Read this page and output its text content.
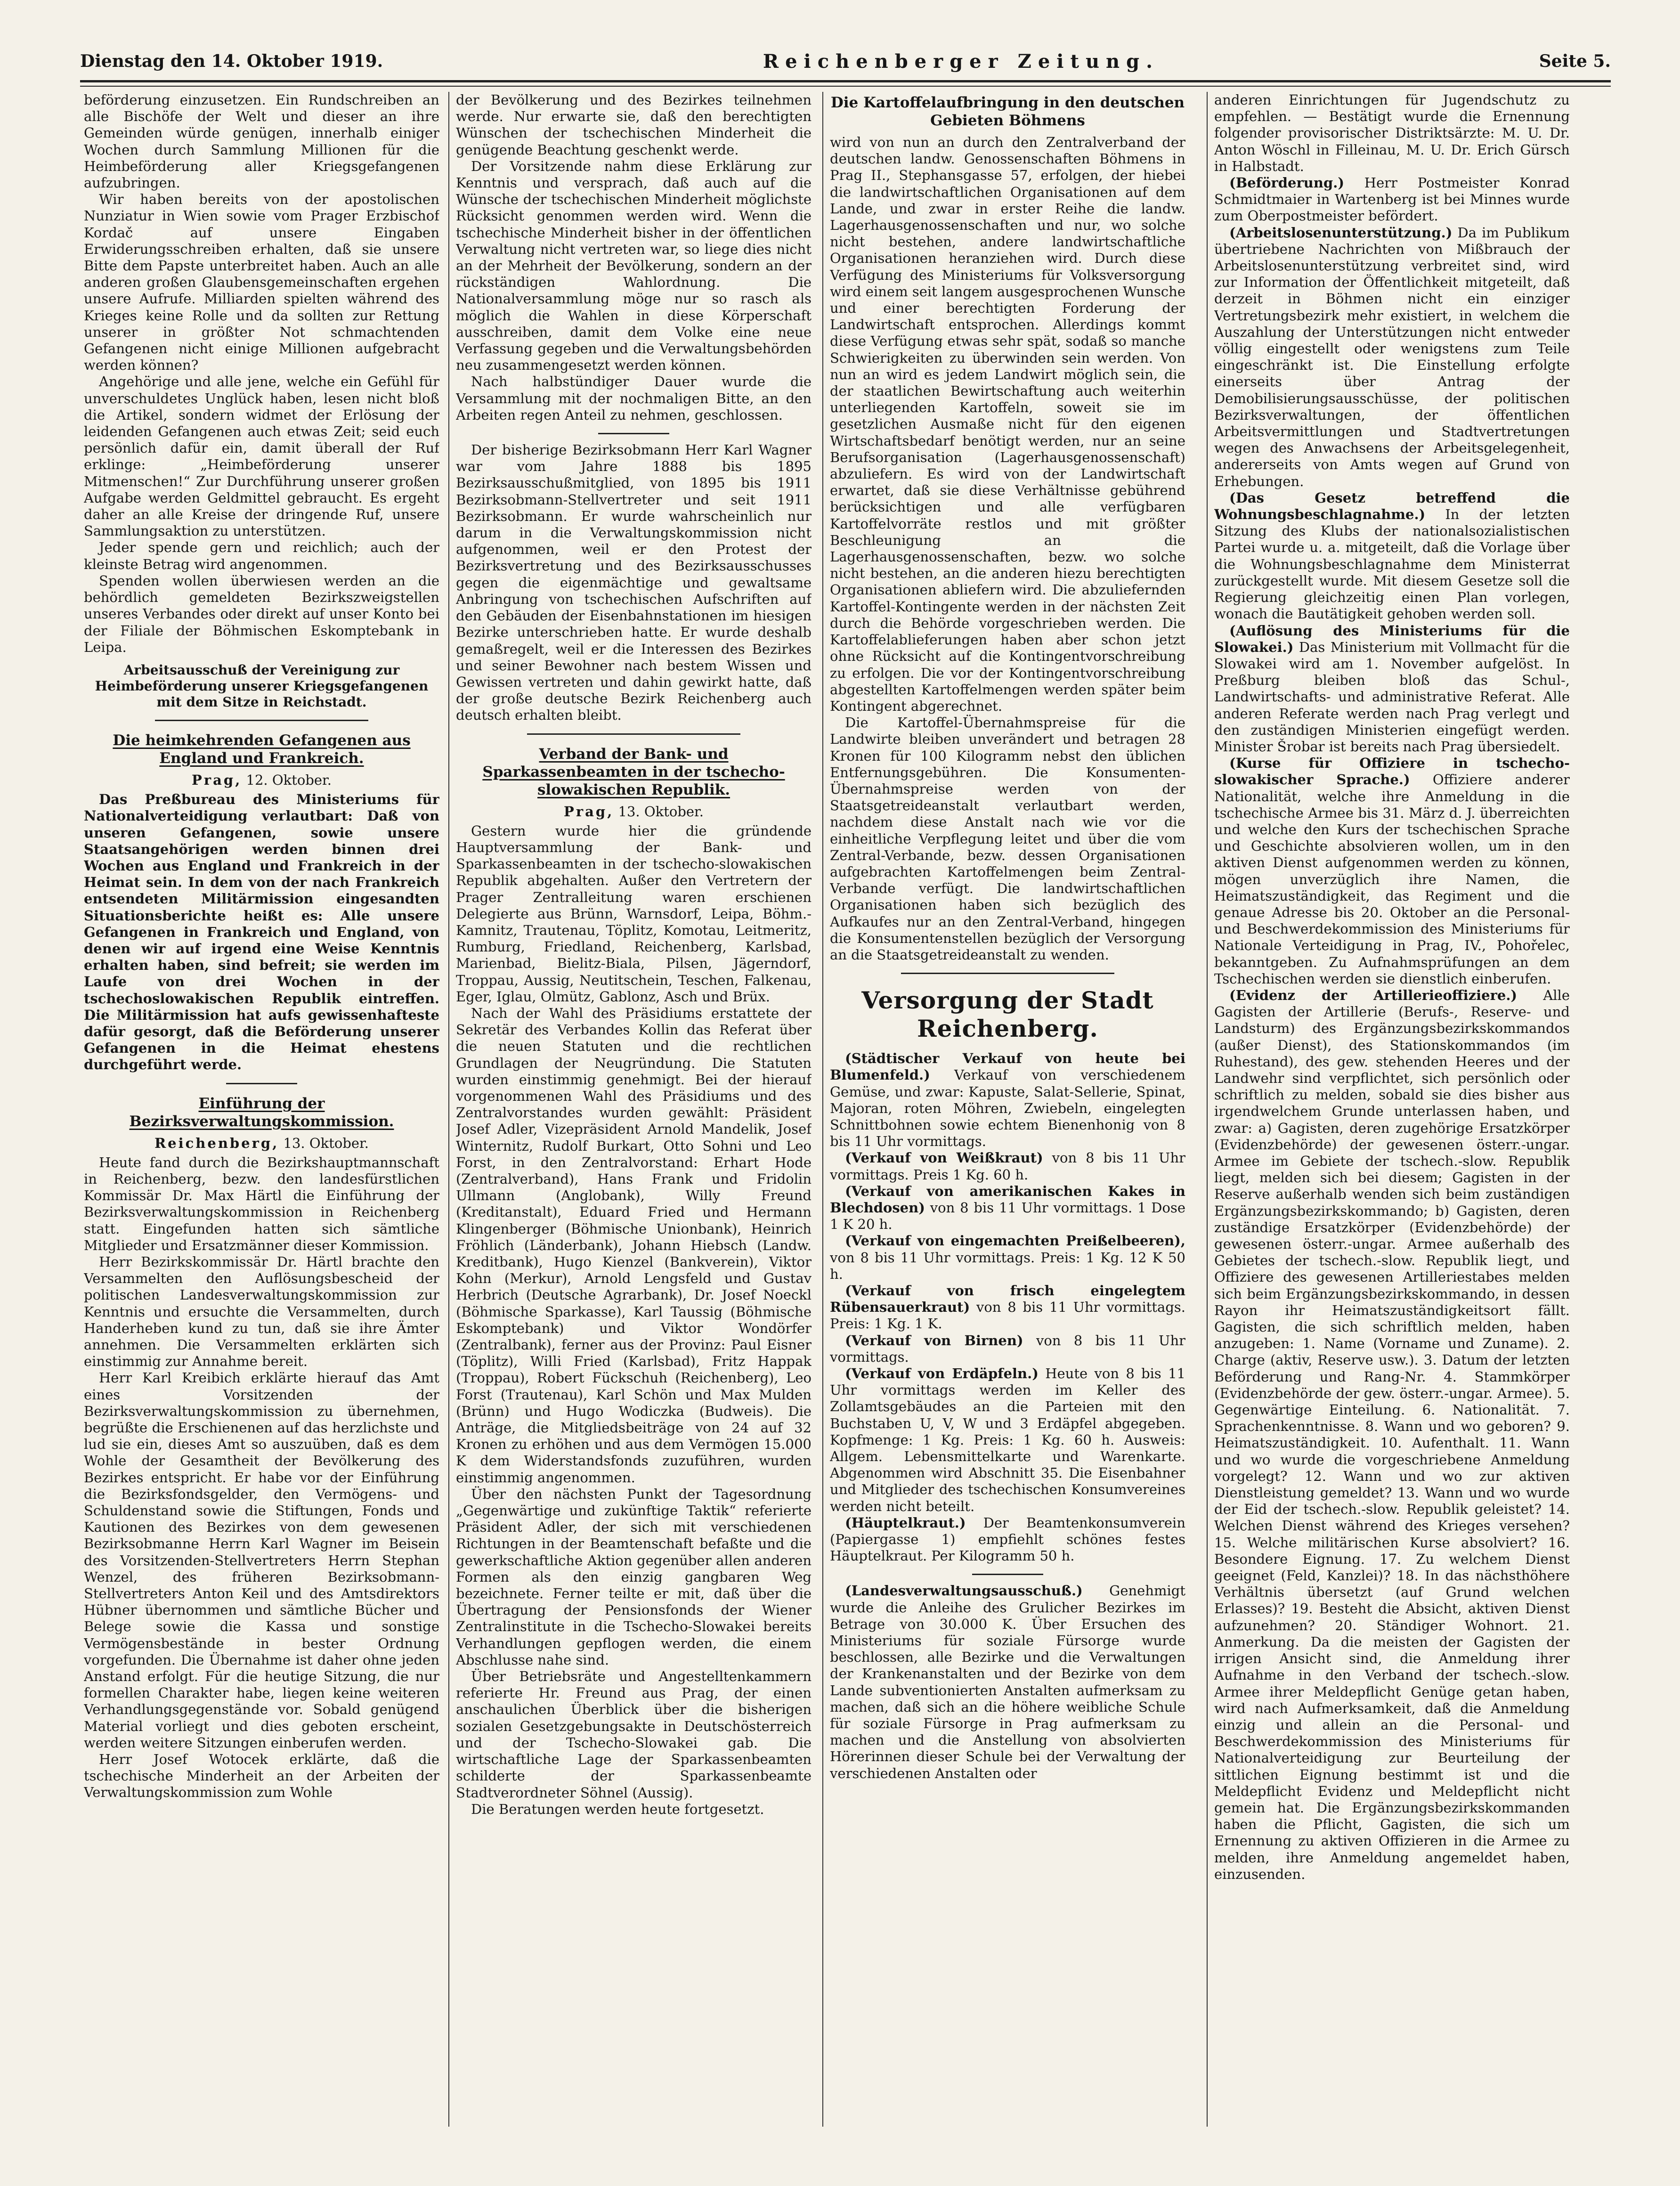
Dienstag den 14. Oktober 1919.	Reichenberger Zeitung.	Seite 5.

beförderung einzusetzen. Ein Rundschreiben an alle Bischöfe der Welt und dieser an ihre Gemeinden würde genügen, innerhalb einiger Wochen durch Sammlung Millionen für die Heimbeförderung aller Kriegsgefangenen aufzubringen.

Wir haben bereits von der apostolischen Nunziatur in Wien sowie vom Prager Erzbischof Kordač auf unsere Eingaben Erwiderungsschreiben erhalten, daß sie unsere Bitte dem Papste unterbreitet haben. Auch an alle anderen großen Glaubensgemeinschaften ergehen unsere Aufrufe. Milliarden spielten während des Krieges keine Rolle und da sollten zur Rettung unserer in größter Not schmachtenden Gefangenen nicht einige Millionen aufgebracht werden können?

Angehörige und alle jene, welche ein Gefühl für unverschuldetes Unglück haben, lesen nicht bloß die Artikel, sondern widmet der Erlösung der leidenden Gefangenen auch etwas Zeit; seid euch persönlich dafür ein, damit überall der Ruf erklinge: „Heimbeförderung unserer Mitmenschen!“ Zur Durchführung unserer großen Aufgabe werden Geldmittel gebraucht. Es ergeht daher an alle Kreise der dringende Ruf, unsere Sammlungsaktion zu unterstützen.

Jeder spende gern und reichlich; auch der kleinste Betrag wird angenommen.

Spenden wollen überwiesen werden an die behördlich gemeldeten Bezirkszweigstellen unseres Verbandes oder direkt auf unser Konto bei der Filiale der Böhmischen Eskomptebank in Leipa.

Arbeitsausschuß der Vereinigung zur Heimbeförderung unserer Kriegsgefangenen mit dem Sitze in Reichstadt.
Die heimkehrenden Gefangenen aus England und Frankreich.
Prag, 12. Oktober.

Das Preßbureau des Ministeriums für Nationalverteidigung verlautbart: Daß von unseren Gefangenen, sowie unsere Staatsangehörigen werden binnen drei Wochen aus England und Frankreich in der Heimat sein. In dem von der nach Frankreich entsendeten Militärmission eingesandten Situationsberichte heißt es: Alle unsere Gefangenen in Frankreich und England, von denen wir auf irgend eine Weise Kenntnis erhalten haben, sind befreit; sie werden im Laufe von drei Wochen in der tschechoslowakischen Republik eintreffen. Die Militärmission hat aufs gewissenhafteste dafür gesorgt, daß die Beförderung unserer Gefangenen in die Heimat ehestens durchgeführt werde.

Einführung der Bezirksverwaltungskommission.
Reichenberg, 13. Oktober.

Heute fand durch die Bezirkshauptmannschaft in Reichenberg, bezw. den landesfürstlichen Kommissär Dr. Max Härtl die Einführung der Bezirksverwaltungskommission in Reichenberg statt. Eingefunden hatten sich sämtliche Mitglieder und Ersatzmänner dieser Kommission.

Herr Bezirkskommissär Dr. Härtl brachte den Versammelten den Auflösungsbescheid der politischen Landesverwaltungskommission zur Kenntnis und ersuchte die Versammelten, durch Handerheben kund zu tun, daß sie ihre Ämter annehmen. Die Versammelten erklärten sich einstimmig zur Annahme bereit.

Herr Karl Kreibich erklärte hierauf das Amt eines Vorsitzenden der Bezirksverwaltungskommission zu übernehmen, begrüßte die Erschienenen auf das herzlichste und lud sie ein, dieses Amt so auszuüben, daß es dem Wohle der Gesamtheit der Bevölkerung des Bezirkes entspricht. Er habe vor der Einführung die Bezirksfondsgelder, den Vermögens- und Schuldenstand sowie die Stiftungen, Fonds und Kautionen des Bezirkes von dem gewesenen Bezirksobmanne Herrn Karl Wagner im Beisein des Vorsitzenden-Stellvertreters Herrn Stephan Wenzel, des früheren Bezirksobmann-Stellvertreters Anton Keil und des Amtsdirektors Hübner übernommen und sämtliche Bücher und Belege sowie die Kassa und sonstige Vermögensbestände in bester Ordnung vorgefunden. Die Übernahme ist daher ohne jeden Anstand erfolgt. Für die heutige Sitzung, die nur formellen Charakter habe, liegen keine weiteren Verhandlungsgegenstände vor. Sobald genügend Material vorliegt und dies geboten erscheint, werden weitere Sitzungen einberufen werden.

Herr Josef Wotocek erklärte, daß die tschechische Minderheit an der Arbeiten der Verwaltungskommission zum Wohle

der Bevölkerung und des Bezirkes teilnehmen werde. Nur erwarte sie, daß den berechtigten Wünschen der tschechischen Minderheit die genügende Beachtung geschenkt werde.

Der Vorsitzende nahm diese Erklärung zur Kenntnis und versprach, daß auch auf die Wünsche der tschechischen Minderheit möglichste Rücksicht genommen werden wird. Wenn die tschechische Minderheit bisher in der öffentlichen Verwaltung nicht vertreten war, so liege dies nicht an der Mehrheit der Bevölkerung, sondern an der rückständigen Wahlordnung. Die Nationalversammlung möge nur so rasch als möglich die Wahlen in diese Körperschaft ausschreiben, damit dem Volke eine neue Verfassung gegeben und die Verwaltungsbehörden neu zusammengesetzt werden können.

Nach halbstündiger Dauer wurde die Versammlung mit der nochmaligen Bitte, an den Arbeiten regen Anteil zu nehmen, geschlossen.

Der bisherige Bezirksobmann Herr Karl Wagner war vom Jahre 1888 bis 1895 Bezirksausschußmitglied, von 1895 bis 1911 Bezirksobmann-Stellvertreter und seit 1911 Bezirksobmann. Er wurde wahrscheinlich nur darum in die Verwaltungskommission nicht aufgenommen, weil er den Protest der Bezirksvertretung und des Bezirksausschusses gegen die eigenmächtige und gewaltsame Anbringung von tschechischen Aufschriften auf den Gebäuden der Eisenbahnstationen im hiesigen Bezirke unterschrieben hatte. Er wurde deshalb gemaßregelt, weil er die Interessen des Bezirkes und seiner Bewohner nach bestem Wissen und Gewissen vertreten und dahin gewirkt hatte, daß der große deutsche Bezirk Reichenberg auch deutsch erhalten bleibt.

Verband der Bank- und Sparkassenbeamten in der tschecho-slowakischen Republik.
Prag, 13. Oktober.

Gestern wurde hier die gründende Hauptversammlung der Bank- und Sparkassenbeamten in der tschecho-slowakischen Republik abgehalten. Außer den Vertretern der Prager Zentralleitung waren erschienen Delegierte aus Brünn, Warnsdorf, Leipa, Böhm.-Kamnitz, Trautenau, Töplitz, Komotau, Leitmeritz, Rumburg, Friedland, Reichenberg, Karlsbad, Marienbad, Bielitz-Biala, Pilsen, Jägerndorf, Troppau, Aussig, Neutitschein, Teschen, Falkenau, Eger, Iglau, Olmütz, Gablonz, Asch und Brüx.

Nach der Wahl des Präsidiums erstattete der Sekretär des Verbandes Kollin das Referat über die neuen Statuten und die rechtlichen Grundlagen der Neugründung. Die Statuten wurden einstimmig genehmigt. Bei der hierauf vorgenommenen Wahl des Präsidiums und des Zentralvorstandes wurden gewählt: Präsident Josef Adler, Vizepräsident Arnold Mandelik, Josef Winternitz, Rudolf Burkart, Otto Sohni und Leo Forst, in den Zentralvorstand: Erhart Hode (Zentralverband), Hans Frank und Fridolin Ullmann (Anglobank), Willy Freund (Kreditanstalt), Eduard Fried und Hermann Klingenberger (Böhmische Unionbank), Heinrich Fröhlich (Länderbank), Johann Hiebsch (Landw. Kreditbank), Hugo Kienzel (Bankverein), Viktor Kohn (Merkur), Arnold Lengsfeld und Gustav Herbrich (Deutsche Agrarbank), Dr. Josef Noeckl (Böhmische Sparkasse), Karl Taussig (Böhmische Eskomptebank) und Viktor Wondörfer (Zentralbank), ferner aus der Provinz: Paul Eisner (Töplitz), Willi Fried (Karlsbad), Fritz Happak (Troppau), Robert Fückschuh (Reichenberg), Leo Forst (Trautenau), Karl Schön und Max Mulden (Brünn) und Hugo Wodiczka (Budweis). Die Anträge, die Mitgliedsbeiträge von 24 auf 32 Kronen zu erhöhen und aus dem Vermögen 15.000 K dem Widerstandsfonds zuzuführen, wurden einstimmig angenommen.

Über den nächsten Punkt der Tagesordnung „Gegenwärtige und zukünftige Taktik“ referierte Präsident Adler, der sich mit verschiedenen Richtungen in der Beamtenschaft befaßte und die gewerkschaftliche Aktion gegenüber allen anderen Formen als den einzig gangbaren Weg bezeichnete. Ferner teilte er mit, daß über die Übertragung der Pensionsfonds der Wiener Zentralinstitute in die Tschecho-Slowakei bereits Verhandlungen gepflogen werden, die einem Abschlusse nahe sind.

Über Betriebsräte und Angestelltenkammern referierte Hr. Freund aus Prag, der einen anschaulichen Überblick über die bisherigen sozialen Gesetzgebungsakte in Deutschösterreich und der Tschecho-Slowakei gab. Die wirtschaftliche Lage der Sparkassenbeamten schilderte der Sparkassenbeamte Stadtverordneter Söhnel (Aussig).

Die Beratungen werden heute fortgesetzt.

Die Kartoffelaufbringung in den deutschen Gebieten Böhmens

wird von nun an durch den Zentralverband der deutschen landw. Genossenschaften Böhmens in Prag II., Stephansgasse 57, erfolgen, der hiebei die landwirtschaftlichen Organisationen auf dem Lande, und zwar in erster Reihe die landw. Lagerhausgenossenschaften und nur, wo solche nicht bestehen, andere landwirtschaftliche Organisationen heranziehen wird. Durch diese Verfügung des Ministeriums für Volksversorgung wird einem seit langem ausgesprochenen Wunsche und einer berechtigten Forderung der Landwirtschaft entsprochen. Allerdings kommt diese Verfügung etwas sehr spät, sodaß so manche Schwierigkeiten zu überwinden sein werden. Von nun an wird es jedem Landwirt möglich sein, die der staatlichen Bewirtschaftung auch weiterhin unterliegenden Kartoffeln, soweit sie im gesetzlichen Ausmaße nicht für den eigenen Wirtschaftsbedarf benötigt werden, nur an seine Berufsorganisation (Lagerhausgenossenschaft) abzuliefern. Es wird von der Landwirtschaft erwartet, daß sie diese Verhältnisse gebührend berücksichtigen und alle verfügbaren Kartoffelvorräte restlos und mit größter Beschleunigung an die Lagerhausgenossenschaften, bezw. wo solche nicht bestehen, an die anderen hiezu berechtigten Organisationen abliefern wird. Die abzuliefernden Kartoffel-Kontingente werden in der nächsten Zeit durch die Behörde vorgeschrieben werden. Die Kartoffelablieferungen haben aber schon jetzt ohne Rücksicht auf die Kontingentvorschreibung zu erfolgen. Die vor der Kontingentvorschreibung abgestellten Kartoffelmengen werden später beim Kontingent abgerechnet.

Die Kartoffel-Übernahmspreise für die Landwirte bleiben unverändert und betragen 28 Kronen für 100 Kilogramm nebst den üblichen Entfernungsgebühren. Die Konsumenten-Übernahmspreise werden von der Staatsgetreideanstalt verlautbart werden, nachdem diese Anstalt nach wie vor die einheitliche Verpflegung leitet und über die vom Zentral-Verbande, bezw. dessen Organisationen aufgebrachten Kartoffelmengen beim Zentral-Verbande verfügt. Die landwirtschaftlichen Organisationen haben sich bezüglich des Aufkaufes nur an den Zentral-Verband, hingegen die Konsumentenstellen bezüglich der Versorgung an die Staatsgetreideanstalt zu wenden.

Versorgung der Stadt Reichenberg.

(Städtischer Verkauf von heute bei Blumenfeld.) Verkauf von verschiedenem Gemüse, und zwar: Kapuste, Salat-Sellerie, Spinat, Majoran, roten Möhren, Zwiebeln, eingelegten Schnittbohnen sowie echtem Bienenhonig von 8 bis 11 Uhr vormittags.

(Verkauf von Weißkraut) von 8 bis 11 Uhr vormittags. Preis 1 Kg. 60 h.

(Verkauf von amerikanischen Kakes in Blechdosen) von 8 bis 11 Uhr vormittags. 1 Dose 1 K 20 h.

(Verkauf von eingemachten Preißelbeeren), von 8 bis 11 Uhr vormittags. Preis: 1 Kg. 12 K 50 h.

(Verkauf von frisch eingelegtem Rübensauerkraut) von 8 bis 11 Uhr vormittags. Preis: 1 Kg. 1 K.

(Verkauf von Birnen) von 8 bis 11 Uhr vormittags.

(Verkauf von Erdäpfeln.) Heute von 8 bis 11 Uhr vormittags werden im Keller des Zollamtsgebäudes an die Parteien mit den Buchstaben U, V, W und 3 Erdäpfel abgegeben. Kopfmenge: 1 Kg. Preis: 1 Kg. 60 h. Ausweis: Allgem. Lebensmittelkarte und Warenkarte. Abgenommen wird Abschnitt 35. Die Eisenbahner und Mitglieder des tschechischen Konsumvereines werden nicht beteilt.

(Häuptelkraut.) Der Beamtenkonsumverein (Papiergasse 1) empfiehlt schönes festes Häuptelkraut. Per Kilogramm 50 h.

(Landesverwaltungsausschuß.) Genehmigt wurde die Anleihe des Grulicher Bezirkes im Betrage von 30.000 K. Über Ersuchen des Ministeriums für soziale Fürsorge wurde beschlossen, alle Bezirke und die Verwaltungen der Krankenanstalten und der Bezirke von dem Lande subventionierten Anstalten aufmerksam zu machen, daß sich an die höhere weibliche Schule für soziale Fürsorge in Prag aufmerksam zu machen und die Anstellung von absolvierten Hörerinnen dieser Schule bei der Verwaltung der verschiedenen Anstalten oder

anderen Einrichtungen für Jugendschutz zu empfehlen. — Bestätigt wurde die Ernennung folgender provisorischer Distriktsärzte: M. U. Dr. Anton Wöschl in Filleinau, M. U. Dr. Erich Gürsch in Halbstadt.

(Beförderung.) Herr Postmeister Konrad Schmidtmaier in Wartenberg ist bei Minnes wurde zum Oberpostmeister befördert.

(Arbeitslosenunterstützung.) Da im Publikum übertriebene Nachrichten von Mißbrauch der Arbeitslosenunterstützung verbreitet sind, wird zur Information der Öffentlichkeit mitgeteilt, daß derzeit in Böhmen nicht ein einziger Vertretungsbezirk mehr existiert, in welchem die Auszahlung der Unterstützungen nicht entweder völlig eingestellt oder wenigstens zum Teile eingeschränkt ist. Die Einstellung erfolgte einerseits über Antrag der Demobilisierungsausschüsse, der politischen Bezirksverwaltungen, der öffentlichen Arbeitsvermittlungen und Stadtvertretungen wegen des Anwachsens der Arbeitsgelegenheit, andererseits von Amts wegen auf Grund von Erhebungen.

(Das Gesetz betreffend die Wohnungsbeschlagnahme.) In der letzten Sitzung des Klubs der nationalsozialistischen Partei wurde u. a. mitgeteilt, daß die Vorlage über die Wohnungsbeschlagnahme dem Ministerrat zurückgestellt wurde. Mit diesem Gesetze soll die Regierung gleichzeitig einen Plan vorlegen, wonach die Bautätigkeit gehoben werden soll.

(Auflösung des Ministeriums für die Slowakei.) Das Ministerium mit Vollmacht für die Slowakei wird am 1. November aufgelöst. In Preßburg bleiben bloß das Schul-, Landwirtschafts- und administrative Referat. Alle anderen Referate werden nach Prag verlegt und den zuständigen Ministerien eingefügt werden. Minister Šrobar ist bereits nach Prag übersiedelt.

(Kurse für Offiziere in tschecho-slowakischer Sprache.) Offiziere anderer Nationalität, welche ihre Anmeldung in die tschechische Armee bis 31. März d. J. überreichten und welche den Kurs der tschechischen Sprache und Geschichte absolvieren wollen, um in den aktiven Dienst aufgenommen werden zu können, mögen unverzüglich ihre Namen, die Heimatszuständigkeit, das Regiment und die genaue Adresse bis 20. Oktober an die Personal- und Beschwerdekommission des Ministeriums für Nationale Verteidigung in Prag, IV., Pohořelec, bekanntgeben. Zu Aufnahmsprüfungen an dem Tschechischen werden sie dienstlich einberufen.

(Evidenz der Artillerieoffiziere.) Alle Gagisten der Artillerie (Berufs-, Reserve- und Landsturm) des Ergänzungsbezirkskommandos (außer Dienst), des Stationskommandos (im Ruhestand), des gew. stehenden Heeres und der Landwehr sind verpflichtet, sich persönlich oder schriftlich zu melden, sobald sie dies bisher aus irgendwelchem Grunde unterlassen haben, und zwar: a) Gagisten, deren zugehörige Ersatzkörper (Evidenzbehörde) der gewesenen österr.-ungar. Armee im Gebiete der tschech.-slow. Republik liegt, melden sich bei diesem; Gagisten in der Reserve außerhalb wenden sich beim zuständigen Ergänzungsbezirkskommando; b) Gagisten, deren zuständige Ersatzkörper (Evidenzbehörde) der gewesenen österr.-ungar. Armee außerhalb des Gebietes der tschech.-slow. Republik liegt, und Offiziere des gewesenen Artilleriestabes melden sich beim Ergänzungsbezirkskommando, in dessen Rayon ihr Heimatszuständigkeitsort fällt. Gagisten, die sich schriftlich melden, haben anzugeben: 1. Name (Vorname und Zuname). 2. Charge (aktiv, Reserve usw.). 3. Datum der letzten Beförderung und Rang-Nr. 4. Stammkörper (Evidenzbehörde der gew. österr.-ungar. Armee). 5. Gegenwärtige Einteilung. 6. Nationalität. 7. Sprachenkenntnisse. 8. Wann und wo geboren? 9. Heimatszuständigkeit. 10. Aufenthalt. 11. Wann und wo wurde die vorgeschriebene Anmeldung vorgelegt? 12. Wann und wo zur aktiven Dienstleistung gemeldet? 13. Wann und wo wurde der Eid der tschech.-slow. Republik geleistet? 14. Welchen Dienst während des Krieges versehen? 15. Welche militärischen Kurse absolviert? 16. Besondere Eignung. 17. Zu welchem Dienst geeignet (Feld, Kanzlei)? 18. In das nächsthöhere Verhältnis übersetzt (auf Grund welchen Erlasses)? 19. Besteht die Absicht, aktiven Dienst aufzunehmen? 20. Ständiger Wohnort. 21. Anmerkung. Da die meisten der Gagisten der irrigen Ansicht sind, die Anmeldung ihrer Aufnahme in den Verband der tschech.-slow. Armee ihrer Meldepflicht Genüge getan haben, wird nach Aufmerksamkeit, daß die Anmeldung einzig und allein an die Personal- und Beschwerdekommission des Ministeriums für Nationalverteidigung zur Beurteilung der sittlichen Eignung bestimmt ist und die Meldepflicht Evidenz und Meldepflicht nicht gemein hat. Die Ergänzungsbezirkskommanden haben die Pflicht, Gagisten, die sich um Ernennung zu aktiven Offizieren in die Armee zu melden, ihre Anmeldung angemeldet haben, einzusenden.
